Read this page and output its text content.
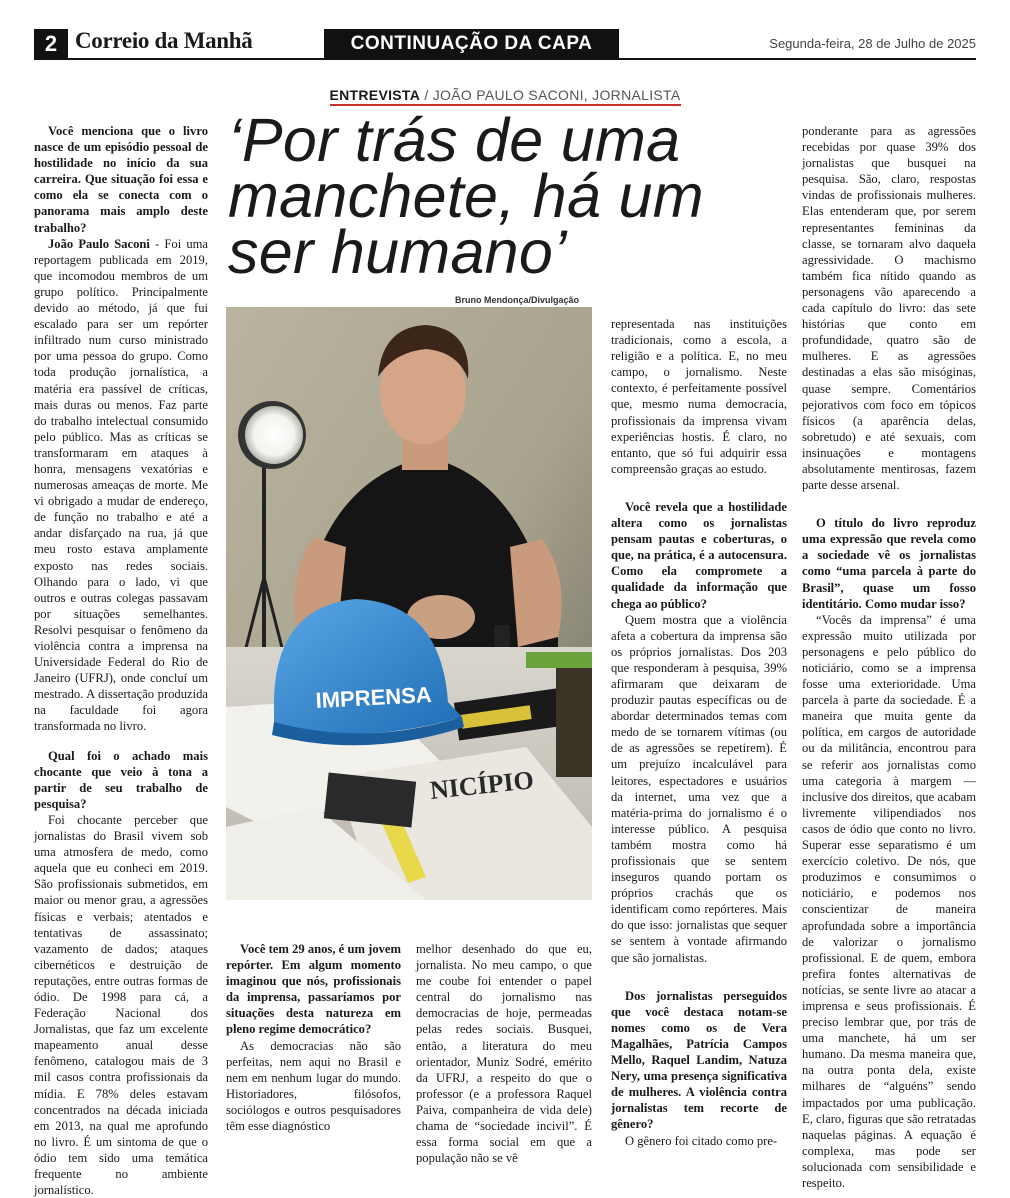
2 Correio da Manhã	CONTINUAÇÃO DA CAPA	Segunda-feira, 28 de Julho de 2025
ENTREVISTA / JOÃO PAULO SACONI, JORNALISTA
‘Por trás de uma manchete, há um ser humano’
Bruno Mendonça/Divulgação
NICÍPIO
IMPRENSA

Você menciona que o livro nasce de um episódio pessoal de hostilidade no início da sua carreira. Que situação foi essa e como ela se conecta com o panorama mais amplo deste trabalho?

João Paulo Saconi - Foi uma reportagem publicada em 2019, que incomodou membros de um grupo político. Principalmente devido ao método, já que fui escalado para ser um repórter infiltrado num curso ministrado por uma pessoa do grupo. Como toda produção jornalística, a matéria era passível de críticas, mais duras ou menos. Faz parte do trabalho intelectual consumido pelo público. Mas as críticas se transformaram em ataques à honra, mensagens vexatórias e numerosas ameaças de morte. Me vi obrigado a mudar de endereço, de função no trabalho e até a andar disfarçado na rua, já que meu rosto estava amplamente exposto nas redes sociais. Olhando para o lado, vi que outros e outras colegas passavam por situações semelhantes. Resolvi pesquisar o fenômeno da violência contra a imprensa na Universidade Federal do Rio de Janeiro (UFRJ), onde concluí um mestrado. A dissertação produzida na faculdade foi agora transformada no livro.

Qual foi o achado mais chocante que veio à tona a partir de seu trabalho de pesquisa?

Foi chocante perceber que jornalistas do Brasil vivem sob uma atmosfera de medo, como aquela que eu conheci em 2019. São profissionais submetidos, em maior ou menor grau, a agressões físicas e verbais; atentados e tentativas de assassinato; vazamento de dados; ataques cibernéticos e destruição de reputações, entre outras formas de ódio. De 1998 para cá, a Federação Nacional dos Jornalistas, que faz um excelente mapeamento anual desse fenômeno, catalogou mais de 3 mil casos contra profissionais da mídia. E 78% deles estavam concentrados na década iniciada em 2013, na qual me aprofundo no livro. É um sintoma de que o ódio tem sido uma temática frequente no ambiente jornalístico.

Você tem 29 anos, é um jovem repórter. Em algum momento imaginou que nós, profissionais da imprensa, passaríamos por situações desta natureza em pleno regime democrático?

As democracias não são perfeitas, nem aqui no Brasil e nem em nenhum lugar do mundo. Historiadores, filósofos, sociólogos e outros pesquisadores têm esse diagnóstico

melhor desenhado do que eu, jornalista. No meu campo, o que me coube foi entender o papel central do jornalismo nas democracias de hoje, permeadas pelas redes sociais. Busquei, então, a literatura do meu orientador, Muniz Sodré, emérito da UFRJ, a respeito do que o professor (e a professora Raquel Paiva, companheira de vida dele) chama de “sociedade incivil”. É essa forma social em que a população não se vê

representada nas instituições tradicionais, como a escola, a religião e a política. E, no meu campo, o jornalismo. Neste contexto, é perfeitamente possível que, mesmo numa democracia, profissionais da imprensa vivam experiências hostis. É claro, no entanto, que só fui adquirir essa compreensão graças ao estudo.

Você revela que a hostilidade altera como os jornalistas pensam pautas e coberturas, o que, na prática, é a autocensura. Como ela compromete a qualidade da informação que chega ao público?

Quem mostra que a violência afeta a cobertura da imprensa são os próprios jornalistas. Dos 203 que responderam à pesquisa, 39% afirmaram que deixaram de produzir pautas específicas ou de abordar determinados temas com medo de se tornarem vítimas (ou de as agressões se repetirem). É um prejuízo incalculável para leitores, espectadores e usuários da internet, uma vez que a matéria-prima do jornalismo é o interesse público. A pesquisa também mostra como há profissionais que se sentem inseguros quando portam os próprios crachás que os identificam como repórteres. Mais do que isso: jornalistas que sequer se sentem à vontade afirmando que são jornalistas.

Dos jornalistas perseguidos que você destaca notam-se nomes como os de Vera Magalhães, Patrícia Campos Mello, Raquel Landim, Natuza Nery, uma presença significativa de mulheres. A violência contra jornalistas tem recorte de gênero?

O gênero foi citado como pre-

ponderante para as agressões recebidas por quase 39% dos jornalistas que busquei na pesquisa. São, claro, respostas vindas de profissionais mulheres. Elas entenderam que, por serem representantes femininas da classe, se tornaram alvo daquela agressividade. O machismo também fica nítido quando as personagens vão aparecendo a cada capítulo do livro: das sete histórias que conto em profundidade, quatro são de mulheres. E as agressões destinadas a elas são misóginas, quase sempre. Comentários pejorativos com foco em tópicos físicos (a aparência delas, sobretudo) e até sexuais, com insinuações e montagens absolutamente mentirosas, fazem parte desse arsenal.

O título do livro reproduz uma expressão que revela como a sociedade vê os jornalistas como “uma parcela à parte do Brasil”, quase um fosso identitário. Como mudar isso?

“Vocês da imprensa” é uma expressão muito utilizada por personagens e pelo público do noticiário, como se a imprensa fosse uma exterioridade. Uma parcela à parte da sociedade. É a maneira que muita gente da política, em cargos de autoridade ou da militância, encontrou para se referir aos jornalistas como uma categoria à margem — inclusive dos direitos, que acabam livremente vilipendiados nos casos de ódio que conto no livro. Superar esse separatismo é um exercício coletivo. De nós, que produzimos e consumimos o noticiário, e podemos nos conscientizar de maneira aprofundada sobre a importância de valorizar o jornalismo profissional. E de quem, embora prefira fontes alternativas de notícias, se sente livre ao atacar a imprensa e seus profissionais. É preciso lembrar que, por trás de uma manchete, há um ser humano. Da mesma maneira que, na outra ponta dela, existe milhares de “alguéns” sendo impactados por uma publicação. E, claro, figuras que são retratadas naquelas páginas. A equação é complexa, mas pode ser solucionada com sensibilidade e respeito.
